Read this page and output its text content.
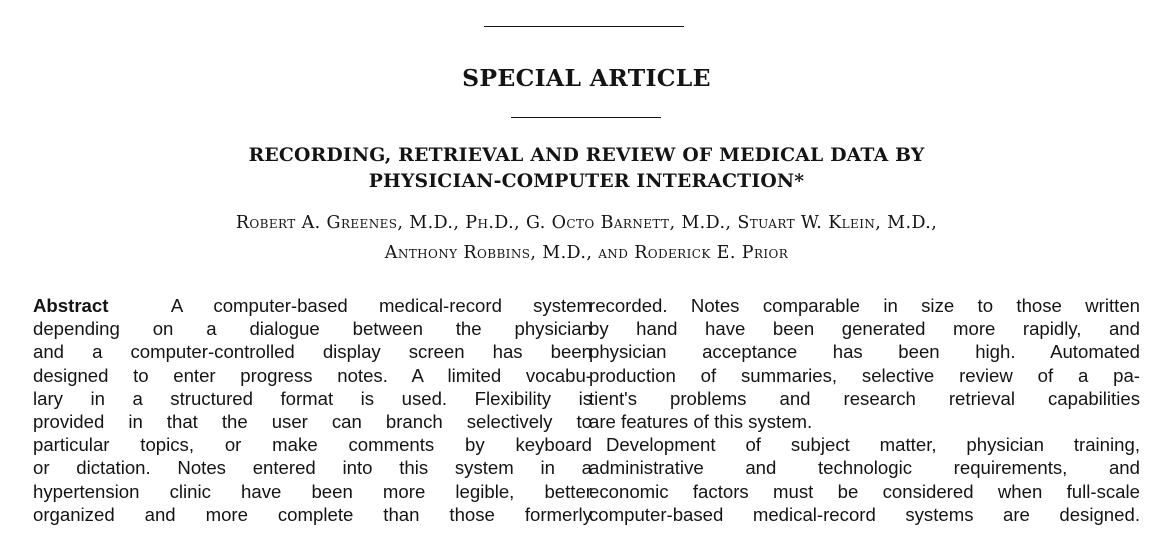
SPECIAL ARTICLE
RECORDING, RETRIEVAL AND REVIEW OF MEDICAL DATA BY
PHYSICIAN-COMPUTER INTERACTION*
Robert A. Greenes, M.D., Ph.D., G. Octo Barnett, M.D., Stuart W. Klein, M.D.,
Anthony Robbins, M.D., and Roderick E. Prior
Abstract	A computer-based medical-record system
depending on a dialogue between the physician
and a computer-controlled display screen has been
designed to enter progress notes. A limited vocabu-
lary in a structured format is used. Flexibility is
provided in that the user can branch selectively to
particular topics, or make comments by keyboard
or dictation. Notes entered into this system in a
hypertension clinic have been more legible, better
organized and more complete than those formerly
recorded. Notes comparable in size to those written
by hand have been generated more rapidly, and
physician acceptance has been high. Automated
production of summaries, selective review of a pa-
tient's problems and research retrieval capabilities
are features of this system.
Development of subject matter, physician training,
administrative and technologic requirements, and
economic factors must be considered when full-scale
computer-based medical-record systems are designed.
